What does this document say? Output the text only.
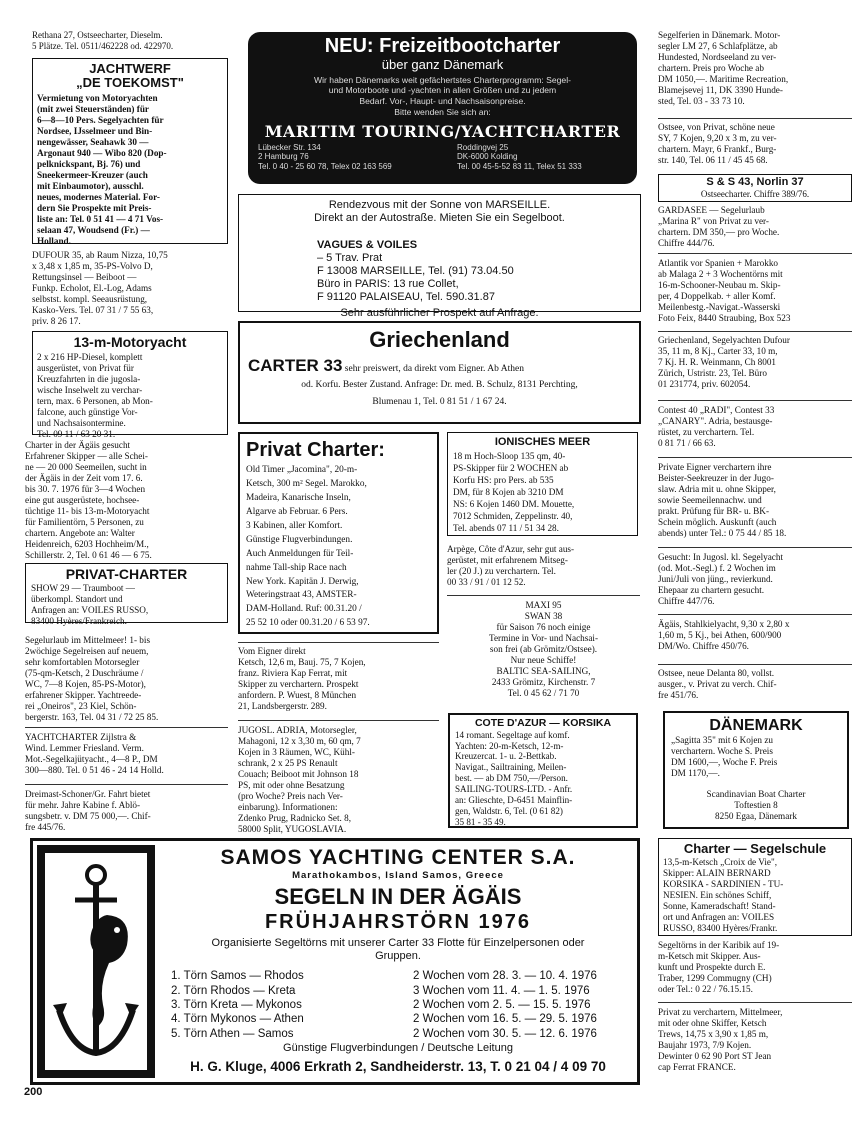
Rethana 27, Ostseecharter, Dieselm.
5 Plätze. Tel. 0511/462228 od. 422970.
JACHTWERF
„DE TOEKOMST"
Vermietung von Motoryachten
(mit zwei Steuerständen) für
6—8—10 Pers. Segelyachten für
Nordsee, IJsselmeer und Bin-
nengewässer, Seahawk 30 —
Argonaut 940 — Wibo 820 (Dop-
pelknickspant, Bj. 76) und
Sneekermeer-Kreuzer (auch
mit Einbaumotor), ausschl.
neues, modernes Material. For-
dern Sie Prospekte mit Preis-
liste an: Tel. 0 51 41 — 4 71 Vos-
selaan 47, Woudsend (Fr.) —
Holland.
DUFOUR 35, ab Raum Nizza, 10,75
x 3,48 x 1,85 m, 35-PS-Volvo D,
Rettungsinsel — Beiboot —
Funkp. Echolot, El.-Log, Adams
selbstst. kompl. Seeausrüstung,
Kasko-Vers. Tel. 07 31 / 7 55 63,
priv. 8 26 17.
13-m-Motoryacht
2 x 216 HP-Diesel, komplett
ausgerüstet, von Privat für
Kreuzfahrten in die jugosla-
wische Inselwelt zu verchar-
tern, max. 6 Personen, ab Mon-
falcone, auch günstige Vor-
und Nachsaisontermine.
Tel. 09 11 / 63 20 31.
Charter in der Ägäis gesucht
Erfahrener Skipper — alle Schei-
ne — 20 000 Seemeilen, sucht in
der Ägäis in der Zeit vom 17. 6.
bis 30. 7. 1976 für 3—4 Wochen
eine gut ausgerüstete, hochsee-
tüchtige 11- bis 13-m-Motoryacht
für Familientörn, 5 Personen, zu
chartern. Angebote an: Walter
Heidenreich, 6203 Hochheim/M.,
Schillerstr. 2, Tel. 0 61 46 — 6 75.
PRIVAT-CHARTER
SHOW 29 — Traumboot —
überkompl. Standort und
Anfragen an: VOILES RUSSO,
83400 Hyères/Frankreich.
Segelurlaub im Mittelmeer! 1- bis
2wöchige Segelreisen auf neuem,
sehr komfortablen Motorsegler
(75-qm-Ketsch, 2 Duschräume /
WC, 7—8 Kojen, 85-PS-Motor),
erfahrener Skipper. Yachtreede-
rei „Oneiros", 23 Kiel, Schön-
bergerstr. 163, Tel. 04 31 / 72 25 85.
YACHTCHARTER Zijlstra &
Wind. Lemmer Friesland. Verm.
Mot.-Segelkajütyacht., 4—8 P., DM
300—880. Tel. 0 51 46 - 24 14 Holld.
Dreimast-Schoner/Gr. Fahrt bietet
für mehr. Jahre Kabine f. Ablö-
sungsbetr. v. DM 75 000,—. Chif-
fre 445/76.
NEU: Freizeitbootcharter
über ganz Dänemark
Wir haben Dänemarks weit gefächertstes Charterprogramm: Segel-
und Motorboote und -yachten in allen Größen und zu jedem
Bedarf. Vor-, Haupt- und Nachsaisonpreise.
Bitte wenden Sie sich an:
MARITIM TOURING/YACHTCHARTER
Lübecker Str. 134
2 Hamburg 76
Tel. 0 40 - 25 60 78, Telex 02 163 569
Roddingvej 25
DK-6000 Kolding
Tel. 00 45-5-52 83 11, Telex 51 333
Rendezvous mit der Sonne von MARSEILLE.
Direkt an der Autostraße. Mieten Sie ein Segelboot.

VAGUES & VOILES
– 5 Trav. Prat
F 13008 MARSEILLE, Tel. (91) 73.04.50
Büro in PARIS: 13 rue Collet,
F 91120 PALAISEAU, Tel. 590.31.87

Sehr ausführlicher Prospekt auf Anfrage.
Griechenland
CARTER 33 sehr preiswert, da direkt vom Eigner. Ab Athen
od. Korfu. Bester Zustand. Anfrage: Dr. med. B. Schulz, 8131 Perchting,
Blumenau 1, Tel. 0 81 51 / 1 67 24.
Privat Charter:
Old Timer „Jacomina", 20-m-
Ketsch, 300 m² Segel. Marokko,
Madeira, Kanarische Inseln,
Algarve ab Februar. 6 Pers.
3 Kabinen, aller Komfort.
Günstige Flugverbindungen.
Auch Anmeldungen für Teil-
nahme Tall-ship Race nach
New York. Kapitän J. Derwig,
Weteringstraat 43, AMSTER-
DAM-Holland. Ruf: 00.31.20 /
25 52 10 oder 00.31.20 / 6 53 97.
IONISCHES MEER
18 m Hoch-Sloop 135 qm, 40-
PS-Skipper für 2 WOCHEN ab
Korfu HS: pro Pers. ab 535
DM, für 8 Kojen ab 3210 DM
NS: 6 Kojen 1460 DM. Mouette,
7012 Schmiden, Zeppelinstr. 40,
Tel. abends 07 11 / 51 34 28.
Arpège, Côte d'Azur, sehr gut aus-
gerüstet, mit erfahrenem Mitseg-
ler (20 J.) zu verchartern. Tel.
00 33 / 91 / 01 12 52.
MAXI 95
SWAN 38
für Saison 76 noch einige
Termine in Vor- und Nachsai-
son frei (ab Grömitz/Ostsee).
Nur neue Schiffe!
BALTIC SEA-SAILING,
2433 Grömitz, Kirchenstr. 7
Tel. 0 45 62 / 71 70
Vom Eigner direkt
Ketsch, 12,6 m, Bauj. 75, 7 Kojen,
franz. Riviera Kap Ferrat, mit
Skipper zu verchartern. Prospekt
anfordern. P. Wuest, 8 München
21, Landsbergerstr. 289.
JUGOSL. ADRIA, Motorsegler,
Mahagoni, 12 x 3,30 m, 60 qm, 7
Kojen in 3 Räumen, WC, Kühl-
schrank, 2 x 25 PS Renault
Couach; Beiboot mit Johnson 18
PS, mit oder ohne Besatzung
(pro Woche? Preis nach Ver-
einbarung). Informationen:
Zdenko Prug, Radnicko Set. 8,
58000 Split, YUGOSLAVIA.
COTE D'AZUR — KORSIKA
14 romant. Segeltage auf komf.
Yachten: 20-m-Ketsch, 12-m-
Kreuzercat. 1- u. 2-Bettkab.
Navigat., Sailtraining, Meilen-
best. — ab DM 750,—/Person.
SAILING-TOURS-LTD. - Anfr.
an: Glieschte, D-6451 Mainflin-
gen, Waldstr. 6, Tel. (0 61 82)
35 81 - 35 49.
SAMOS YACHTING CENTER S.A.
Marathokambos, Island Samos, Greece
SEGELN IN DER ÄGÄIS
FRÜHJAHRSTÖRN 1976
Organisierte Segeltörns mit unserer Carter 33 Flotte für Einzelpersonen oder
Gruppen.
1. Törn Samos — Rhodos	2 Wochen vom 28. 3. — 10. 4. 1976
2. Törn Rhodos — Kreta	3 Wochen vom 11. 4. — 1. 5. 1976
3. Törn Kreta — Mykonos	2 Wochen vom 2. 5. — 15. 5. 1976
4. Törn Mykonos — Athen	2 Wochen vom 16. 5. — 29. 5. 1976
5. Törn Athen — Samos	2 Wochen vom 30. 5. — 12. 6. 1976
Günstige Flugverbindungen / Deutsche Leitung
H. G. Kluge, 4006 Erkrath 2, Sandheiderstr. 13, T. 0 21 04 / 4 09 70
200
Segelferien in Dänemark. Motor-
segler LM 27, 6 Schlafplätze, ab
Hundested, Nordseeland zu ver-
chartern. Preis pro Woche ab
DM 1050,—. Maritime Recreation,
Blamejsevej 11, DK 3390 Hunde-
sted, Tel. 03 - 33 73 10.
Ostsee, von Privat, schöne neue
SY, 7 Kojen, 9,20 x 3 m, zu ver-
chartern. Mayr, 6 Frankf., Burg-
str. 140, Tel. 06 11 / 45 45 68.
S & S 43, Norlin 37
Ostseecharter. Chiffre 389/76.
GARDASEE — Segelurlaub
„Marina R" von Privat zu ver-
chartern. DM 350,— pro Woche.
Chiffre 444/76.
Atlantik vor Spanien + Marokko
ab Malaga 2 + 3 Wochentörns mit
16-m-Schooner-Neubau m. Skip-
per, 4 Doppelkab. + aller Komf.
Meilenbestg.-Navigat.-Wasserski
Foto Feix, 8440 Straubing, Box 523
Griechenland, Segelyachten Dufour
35, 11 m, 8 Kj., Carter 33, 10 m,
7 Kj. H. R. Weinmann, Ch 8001
Zürich, Ustristr. 23, Tel. Büro
01 231774, priv. 602054.
Contest 40 „RADI", Contest 33
„CANARY". Adria, bestausge-
rüstet, zu verchartern. Tel.
0 81 71 / 66 63.
Private Eigner verchartern ihre
Beister-Seekreuzer in der Jugo-
slaw. Adria mit u. ohne Skipper,
sowie Seemeilennachw. und
prakt. Prüfung für BR- u. BK-
Schein möglich. Auskunft (auch
abends) unter Tel.: 0 75 44 / 85 18.
Gesucht: In Jugosl. kl. Segelyacht
(od. Mot.-Segl.) f. 2 Wochen im
Juni/Juli von jüng., revierkund.
Ehepaar zu chartern gesucht.
Chiffre 447/76.
Ägäis, Stahlkielyacht, 9,30 x 2,80 x
1,60 m, 5 Kj., bei Athen, 600/900
DM/Wo. Chiffre 450/76.
Ostsee, neue Delanta 80, vollst.
ausger., v. Privat zu verch. Chif-
fre 451/76.
DÄNEMARK
„Sagitta 35" mit 6 Kojen zu
verchartern. Woche S. Preis
DM 1600,—, Woche F. Preis
DM 1170,—.
Scandinavian Boat Charter
Toftestien 8
8250 Egaa, Dänemark
Charter — Segelschule
13,5-m-Ketsch „Croix de Vie",
Skipper: ALAIN BERNARD
KORSIKA - SARDINIEN - TU-
NESIEN. Ein schönes Schiff,
Sonne, Kameradschaft! Stand-
ort und Anfragen an: VOILES
RUSSO, 83400 Hyères/Frankr.
Segeltörns in der Karibik auf 19-
m-Ketsch mit Skipper. Aus-
kunft und Prospekte durch E.
Traber, 1299 Commugny (CH)
oder Tel.: 0 22 / 76.15.15.
Privat zu verchartern, Mittelmeer,
mit oder ohne Skiffer, Ketsch
Trews, 14,75 x 3,90 x 1,85 m,
Baujahr 1973, 7/9 Kojen.
Dewinter 0 62 90 Port ST Jean
cap Ferrat FRANCE.
